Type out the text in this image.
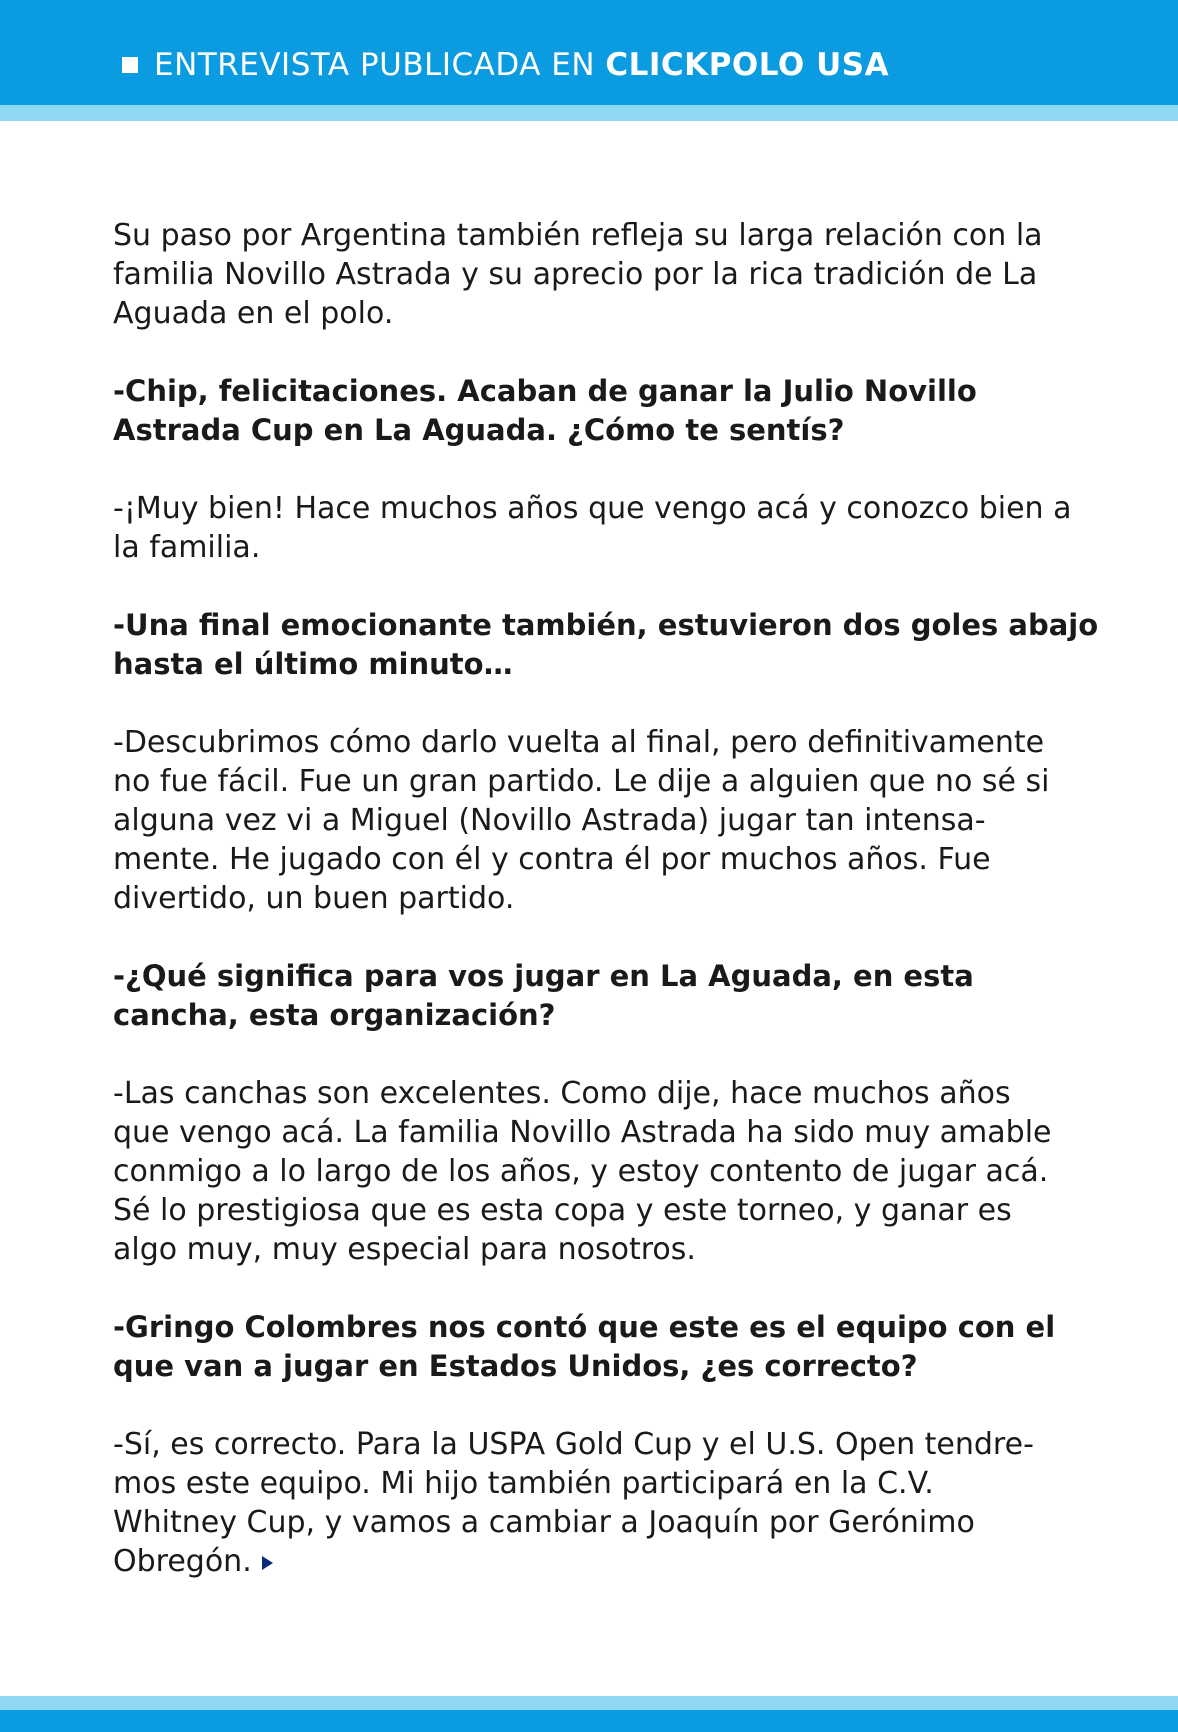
ENTREVISTA PUBLICADA EN CLICKPOLO USA

Su paso por Argentina también refleja su larga relación con la
familia Novillo Astrada y su aprecio por la rica tradición de La
Aguada en el polo.

-Chip, felicitaciones. Acaban de ganar la Julio Novillo
Astrada Cup en La Aguada. ¿Cómo te sentís?

-¡Muy bien! Hace muchos años que vengo acá y conozco bien a
la familia.

-Una final emocionante también, estuvieron dos goles abajo
hasta el último minuto…

-Descubrimos cómo darlo vuelta al final, pero definitivamente
no fue fácil. Fue un gran partido. Le dije a alguien que no sé si
alguna vez vi a Miguel (Novillo Astrada) jugar tan intensa-
mente. He jugado con él y contra él por muchos años. Fue
divertido, un buen partido.

-¿Qué significa para vos jugar en La Aguada, en esta
cancha, esta organización?

-Las canchas son excelentes. Como dije, hace muchos años
que vengo acá. La familia Novillo Astrada ha sido muy amable
conmigo a lo largo de los años, y estoy contento de jugar acá.
Sé lo prestigiosa que es esta copa y este torneo, y ganar es
algo muy, muy especial para nosotros.

-Gringo Colombres nos contó que este es el equipo con el
que van a jugar en Estados Unidos, ¿es correcto?

-Sí, es correcto. Para la USPA Gold Cup y el U.S. Open tendre-
mos este equipo. Mi hijo también participará en la C.V.
Whitney Cup, y vamos a cambiar a Joaquín por Gerónimo
Obregón.
